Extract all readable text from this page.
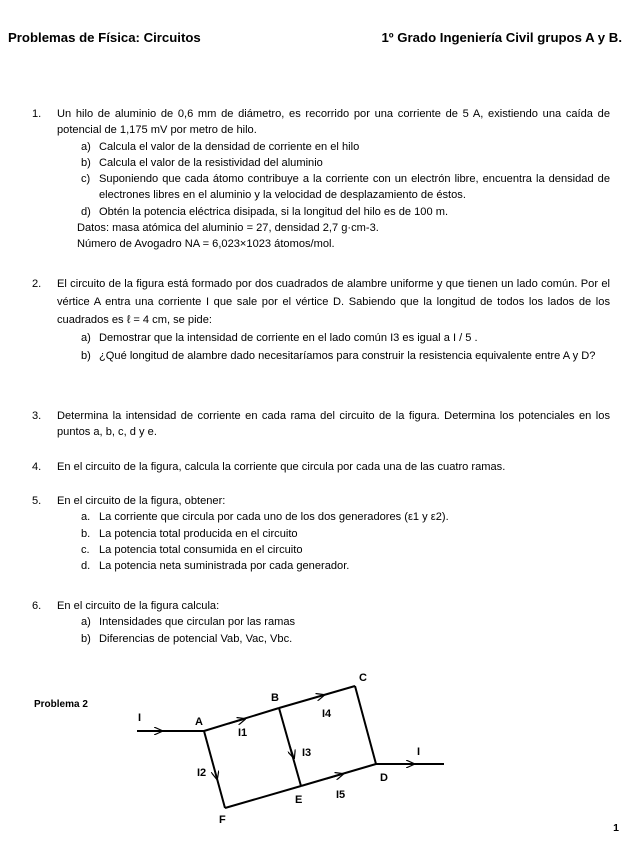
Problemas de Física: Circuitos	1º Grado Ingeniería Civil grupos A y B.
1.	Un hilo de aluminio de 0,6 mm de diámetro, es recorrido por una corriente de 5 A, existiendo una caída de potencial de 1,175 mV por metro de hilo.
a) Calcula el valor de la densidad de corriente en el hilo
b) Calcula el valor de la resistividad del aluminio
c) Suponiendo que cada átomo contribuye a la corriente con un electrón libre, encuentra la densidad de electrones libres en el aluminio y la velocidad de desplazamiento de éstos.
d) Obtén la potencia eléctrica disipada, si la longitud del hilo es de 100 m.
Datos: masa atómica del aluminio = 27, densidad 2,7 g·cm-3.
Número de Avogadro NA = 6,023×1023 átomos/mol.
2.	El circuito de la figura está formado por dos cuadrados de alambre uniforme y que tienen un lado común. Por el vértice A entra una corriente I que sale por el vértice D. Sabiendo que la longitud de todos los lados de los cuadrados es ℓ = 4 cm, se pide:
a) Demostrar que la intensidad de corriente en el lado común I3 es igual a I / 5 .
b) ¿Qué longitud de alambre dado necesitaríamos para construir la resistencia equivalente entre A y D?
3.	Determina la intensidad de corriente en cada rama del circuito de la figura. Determina los potenciales en los puntos a, b, c, d y e.
4.	En el circuito de la figura, calcula la corriente que circula por cada una de las cuatro ramas.
5.	En el circuito de la figura, obtener:
a. La corriente que circula por cada uno de los dos generadores (ε1 y ε2).
b. La potencia total producida en el circuito
c. La potencia total consumida en el circuito
d. La potencia neta suministrada por cada generador.
6.	En el circuito de la figura calcula:
a) Intensidades que circulan por las ramas
b) Diferencias de potencial Vab, Vac, Vbc.
Problema 2
A
B
C
D
E
F
I
I
I1
I2
I3
I4
I5
1
